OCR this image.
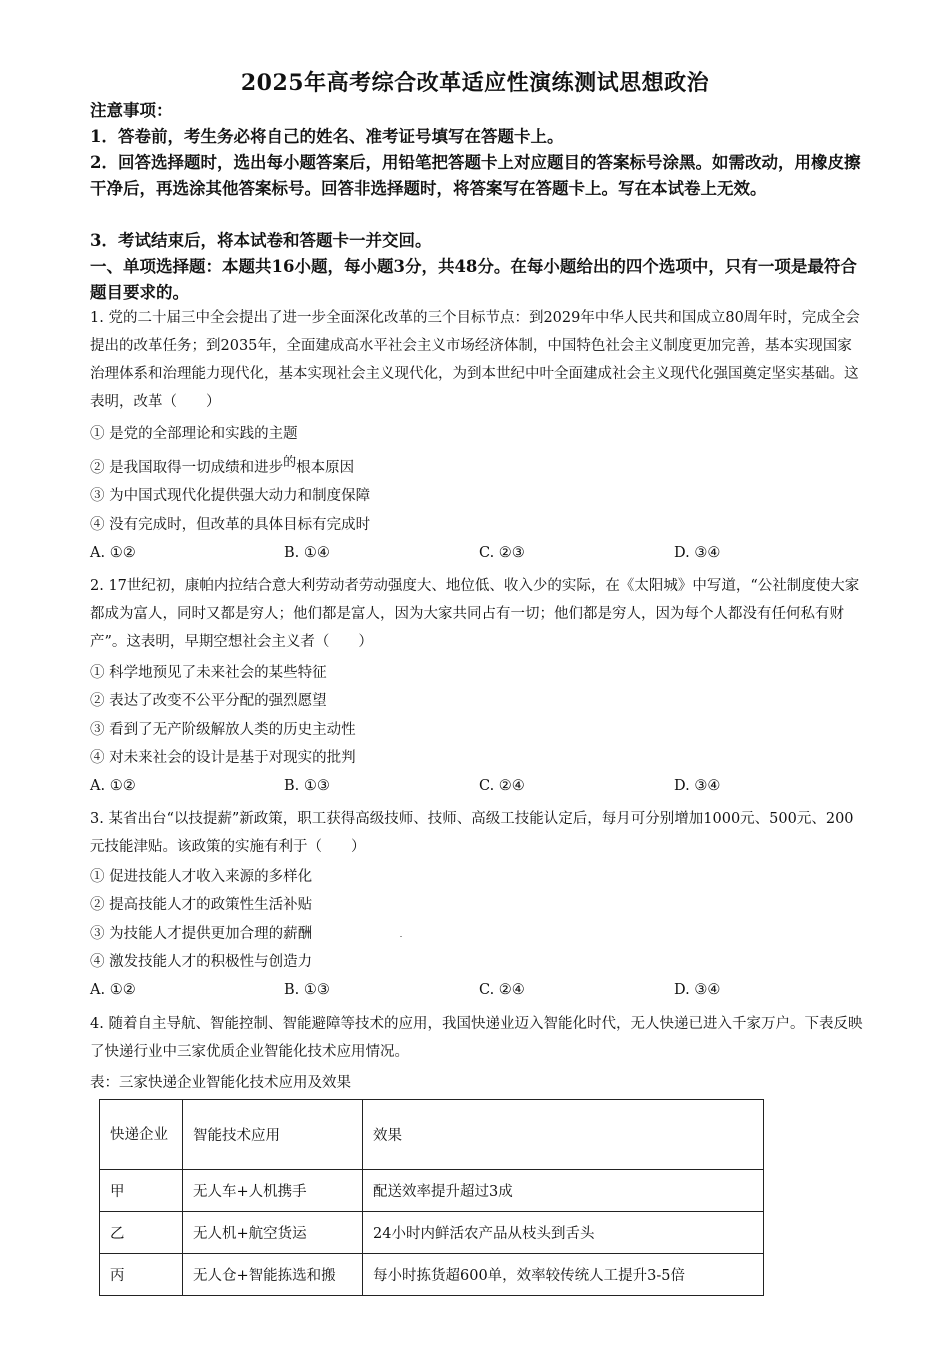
2025年高考综合改革适应性演练测试思想政治
注意事项：
1．答卷前，考生务必将自己的姓名、准考证号填写在答题卡上。
2．回答选择题时，选出每小题答案后，用铅笔把答题卡上对应题目的答案标号涂黑。如需改动，用橡皮擦干净后，再选涂其他答案标号。回答非选择题时，将答案写在答题卡上。写在本试卷上无效。
3．考试结束后，将本试卷和答题卡一并交回。
一、单项选择题：本题共16小题，每小题3分，共48分。在每小题给出的四个选项中，只有一项是最符合题目要求的。
1. 党的二十届三中全会提出了进一步全面深化改革的三个目标节点：到2029年中华人民共和国成立80周年时，完成全会提出的改革任务；到2035年，全面建成高水平社会主义市场经济体制，中国特色社会主义制度更加完善，基本实现国家治理体系和治理能力现代化，基本实现社会主义现代化，为到本世纪中叶全面建成社会主义现代化强国奠定坚实基础。这表明，改革（　　）
① 是党的全部理论和实践的主题
② 是我国取得一切成绩和进步的根本原因
③ 为中国式现代化提供强大动力和制度保障
④ 没有完成时，但改革的具体目标有完成时
A. ①②	B. ①④	C. ②③	D. ③④
2. 17世纪初，康帕内拉结合意大利劳动者劳动强度大、地位低、收入少的实际，在《太阳城》中写道，“公社制度使大家都成为富人，同时又都是穷人；他们都是富人，因为大家共同占有一切；他们都是穷人，因为每个人都没有任何私有财产”。这表明，早期空想社会主义者（　　）
① 科学地预见了未来社会的某些特征
② 表达了改变不公平分配的强烈愿望
③ 看到了无产阶级解放人类的历史主动性
④ 对未来社会的设计是基于对现实的批判
A. ①②	B. ①③	C. ②④	D. ③④
3. 某省出台“以技提薪”新政策，职工获得高级技师、技师、高级工技能认定后，每月可分别增加1000元、500元、200元技能津贴。该政策的实施有利于（　　）
① 促进技能人才收入来源的多样化
② 提高技能人才的政策性生活补贴
③ 为技能人才提供更加合理的薪酬
④ 激发技能人才的积极性与创造力
A. ①②	B. ①③	C. ②④	D. ③④
4. 随着自主导航、智能控制、智能避障等技术的应用，我国快递业迈入智能化时代，无人快递已进入千家万户。下表反映了快递行业中三家优质企业智能化技术应用情况。
表：三家快递企业智能化技术应用及效果
快递企业	智能技术应用	效果
甲	无人车+人机携手	配送效率提升超过3成
乙	无人机+航空货运	24小时内鲜活农产品从枝头到舌头
丙	无人仓+智能拣选和搬	每小时拣货超600单，效率较传统人工提升3-5倍
